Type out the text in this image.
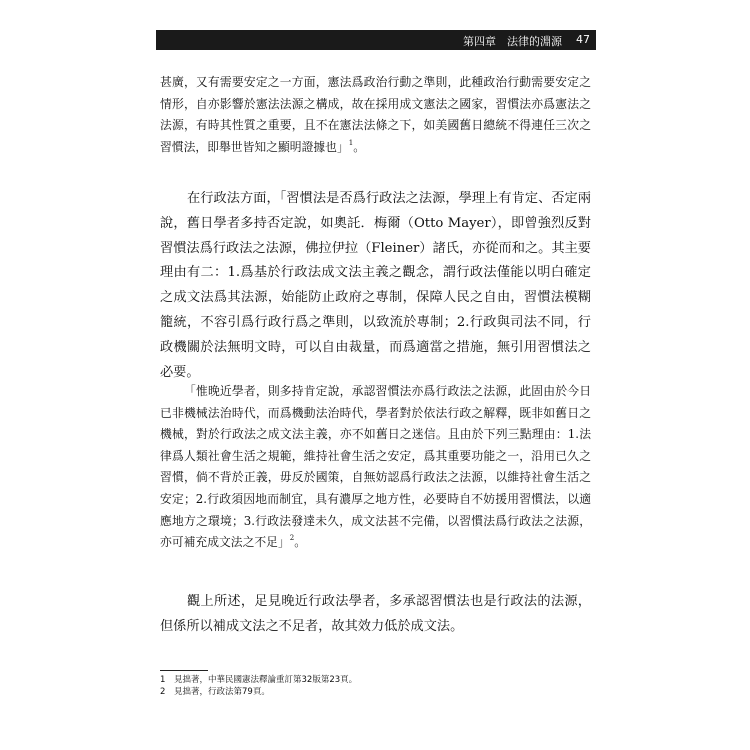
第四章　法律的淵源 47

甚廣，又有需要安定之一方面，憲法爲政治行動之準則，此種政治行動需要安定之情形，自亦影響於憲法法源之構成，故在採用成文憲法之國家，習慣法亦爲憲法之法源，有時其性質之重要，且不在憲法法條之下，如美國舊日總統不得連任三次之習慣法，即舉世皆知之顯明證據也」$^1$。

在行政法方面，「習慣法是否爲行政法之法源，學理上有肯定、否定兩說，舊日學者多持否定說，如奧託．梅爾（Otto Mayer），即曾強烈反對習慣法爲行政法之法源，佛拉伊拉（Fleiner）諸氏，亦從而和之。其主要理由有二：1.爲基於行政法成文法主義之觀念，謂行政法僅能以明白確定之成文法爲其法源，始能防止政府之專制，保障人民之自由，習慣法模糊籠統，不容引爲行政行爲之準則，以致流於專制；2.行政與司法不同，行政機關於法無明文時，可以自由裁量，而爲適當之措施，無引用習慣法之必要。

「惟晚近學者，則多持肯定說，承認習慣法亦爲行政法之法源，此固由於今日已非機械法治時代，而爲機動法治時代，學者對於依法行政之解釋，既非如舊日之機械，對於行政法之成文法主義，亦不如舊日之迷信。且由於下列三點理由：1.法律爲人類社會生活之規範，維持社會生活之安定，爲其重要功能之一，沿用已久之習慣，倘不背於正義，毋反於國策，自無妨認爲行政法之法源，以維持社會生活之安定；2.行政須因地而制宜，具有濃厚之地方性，必要時自不妨援用習慣法，以適應地方之環境；3.行政法發達未久，成文法甚不完備，以習慣法爲行政法之法源，亦可補充成文法之不足」$^2$。

觀上所述，足見晚近行政法學者，多承認習慣法也是行政法的法源，但係所以補成文法之不足者，故其效力低於成文法。

1 見拙著，中華民國憲法釋論重訂第32版第23頁。

2 見拙著，行政法第79頁。
